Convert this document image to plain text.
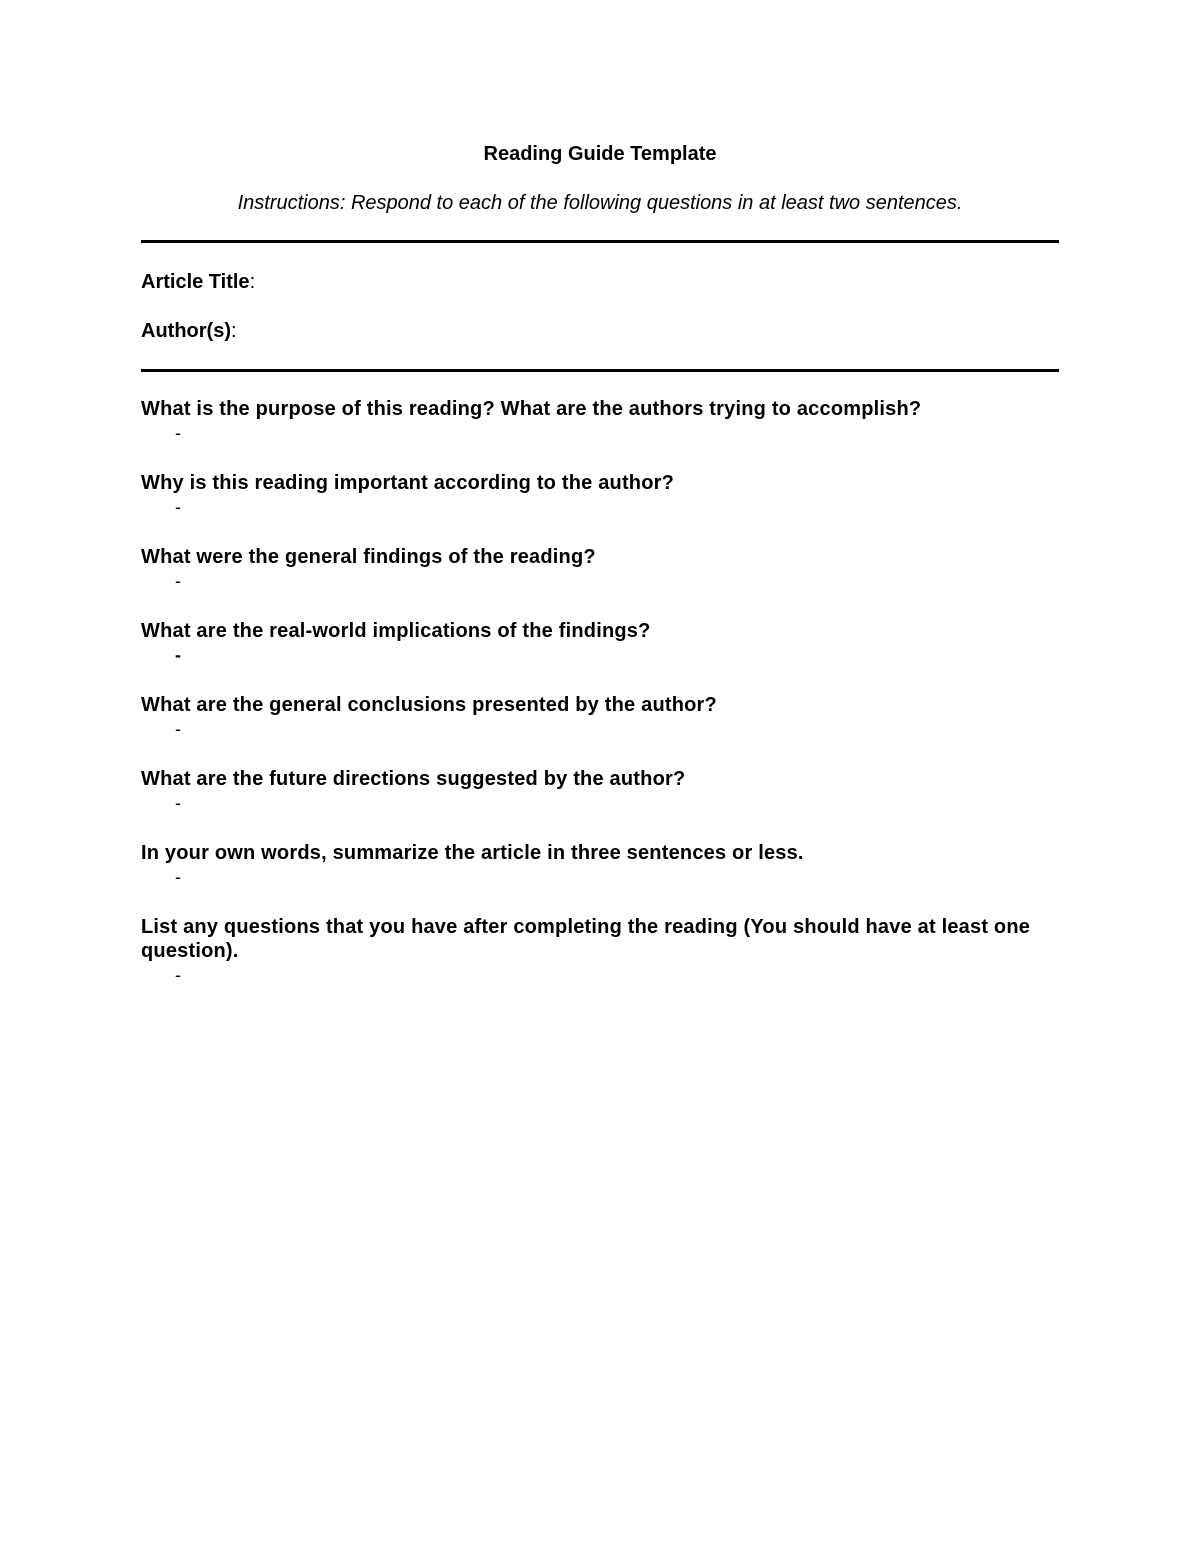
Reading Guide Template
Instructions: Respond to each of the following questions in at least two sentences.
Article Title:
Author(s):
What is the purpose of this reading? What are the authors trying to accomplish?
-
Why is this reading important according to the author?
-
What were the general findings of the reading?
-
What are the real-world implications of the findings?
-
What are the general conclusions presented by the author?
-
What are the future directions suggested by the author?
-
In your own words, summarize the article in three sentences or less.
-
List any questions that you have after completing the reading (You should have at least one question).
-
